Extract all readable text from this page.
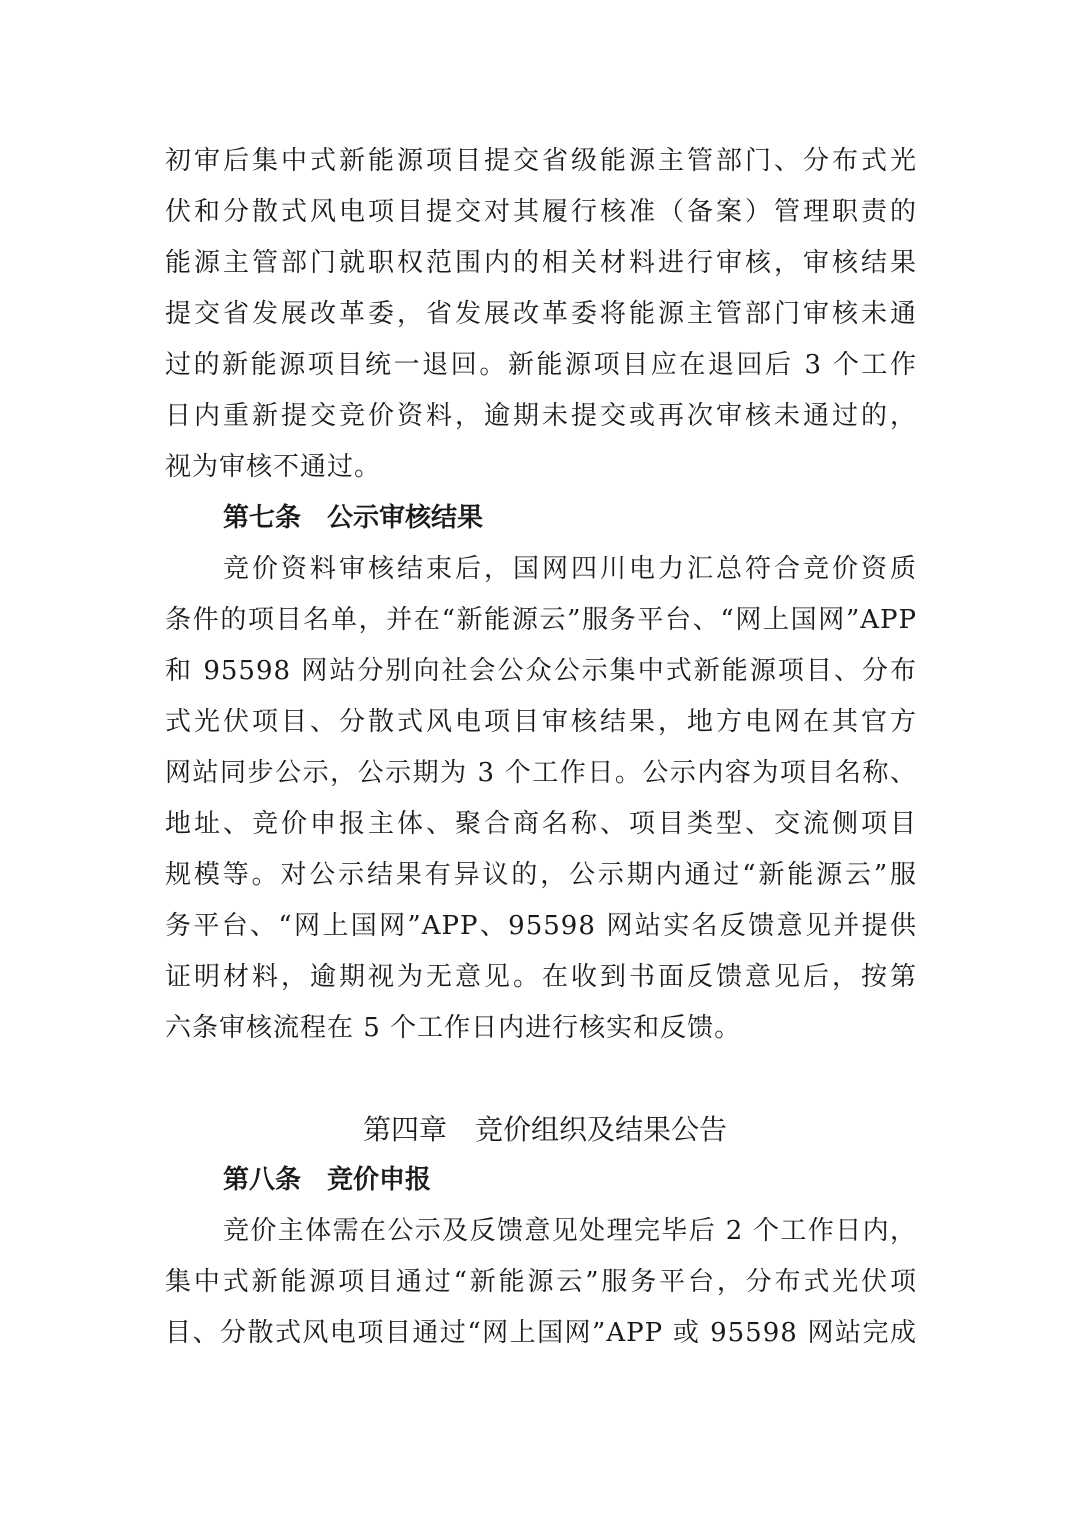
初审后集中式新能源项目提交省级能源主管部门、分布式光
伏和分散式风电项目提交对其履行核准（备案）管理职责的
能源主管部门就职权范围内的相关材料进行审核，审核结果
提交省发展改革委，省发展改革委将能源主管部门审核未通
过的新能源项目统一退回。新能源项目应在退回后 3 个工作
日内重新提交竞价资料，逾期未提交或再次审核未通过的，
视为审核不通过。
第七条　公示审核结果
竞价资料审核结束后，国网四川电力汇总符合竞价资质
条件的项目名单，并在“新能源云”服务平台、“网上国网”APP
和 95598 网站分别向社会公众公示集中式新能源项目、分布
式光伏项目、分散式风电项目审核结果，地方电网在其官方
网站同步公示，公示期为 3 个工作日。公示内容为项目名称、
地址、竞价申报主体、聚合商名称、项目类型、交流侧项目
规模等。对公示结果有异议的，公示期内通过“新能源云”服
务平台、“网上国网”APP、95598 网站实名反馈意见并提供
证明材料，逾期视为无意见。在收到书面反馈意见后，按第
六条审核流程在 5 个工作日内进行核实和反馈。
第四章　竞价组织及结果公告
第八条　竞价申报
竞价主体需在公示及反馈意见处理完毕后 2 个工作日内，
集中式新能源项目通过“新能源云”服务平台，分布式光伏项
目、分散式风电项目通过“网上国网”APP 或 95598 网站完成
